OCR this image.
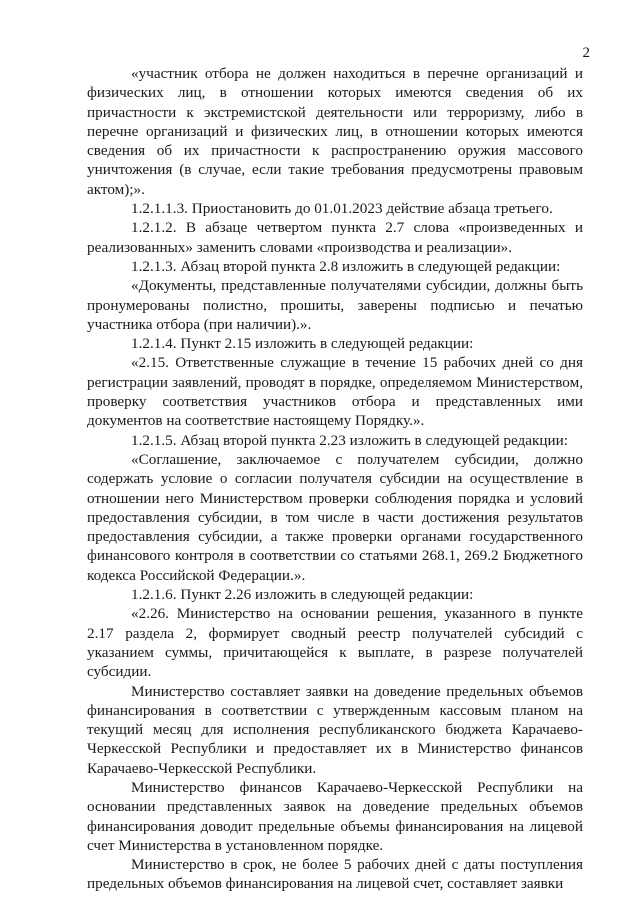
2

«участник отбора не должен находиться в перечне организаций и физических лиц, в отношении которых имеются сведения об их причастности к экстремистской деятельности или терроризму, либо в перечне организаций и физических лиц, в отношении которых имеются сведения об их причастности к распространению оружия массового уничтожения (в случае, если такие требования предусмотрены правовым актом);».

1.2.1.1.3. Приостановить до 01.01.2023 действие абзаца третьего.

1.2.1.2. В абзаце четвертом пункта 2.7 слова «произведенных и реализованных» заменить словами «производства и реализации».

1.2.1.3. Абзац второй пункта 2.8 изложить в следующей редакции:

«Документы, представленные получателями субсидии, должны быть пронумерованы полистно, прошиты, заверены подписью и печатью участника отбора (при наличии).».

1.2.1.4. Пункт 2.15 изложить в следующей редакции:

«2.15. Ответственные служащие в течение 15 рабочих дней со дня регистрации заявлений, проводят в порядке, определяемом Министерством, проверку соответствия участников отбора и представленных ими документов на соответствие настоящему Порядку.».

1.2.1.5. Абзац второй пункта 2.23 изложить в следующей редакции:

«Соглашение, заключаемое с получателем субсидии, должно содержать условие о согласии получателя субсидии на осуществление в отношении него Министерством проверки соблюдения порядка и условий предоставления субсидии, в том числе в части достижения результатов предоставления субсидии, а также проверки органами государственного финансового контроля в соответствии со статьями 268.1, 269.2 Бюджетного кодекса Российской Федерации.».

1.2.1.6. Пункт 2.26 изложить в следующей редакции:

«2.26. Министерство на основании решения, указанного в пункте 2.17 раздела 2, формирует сводный реестр получателей субсидий с указанием суммы, причитающейся к выплате, в разрезе получателей субсидии.

Министерство составляет заявки на доведение предельных объемов финансирования в соответствии с утвержденным кассовым планом на текущий месяц для исполнения республиканского бюджета Карачаево-Черкесской Республики и предоставляет их в Министерство финансов Карачаево-Черкесской Республики.

Министерство финансов Карачаево-Черкесской Республики на основании представленных заявок на доведение предельных объемов финансирования доводит предельные объемы финансирования на лицевой счет Министерства в установленном порядке.

Министерство в срок, не более 5 рабочих дней с даты поступления предельных объемов финансирования на лицевой счет, составляет заявки
